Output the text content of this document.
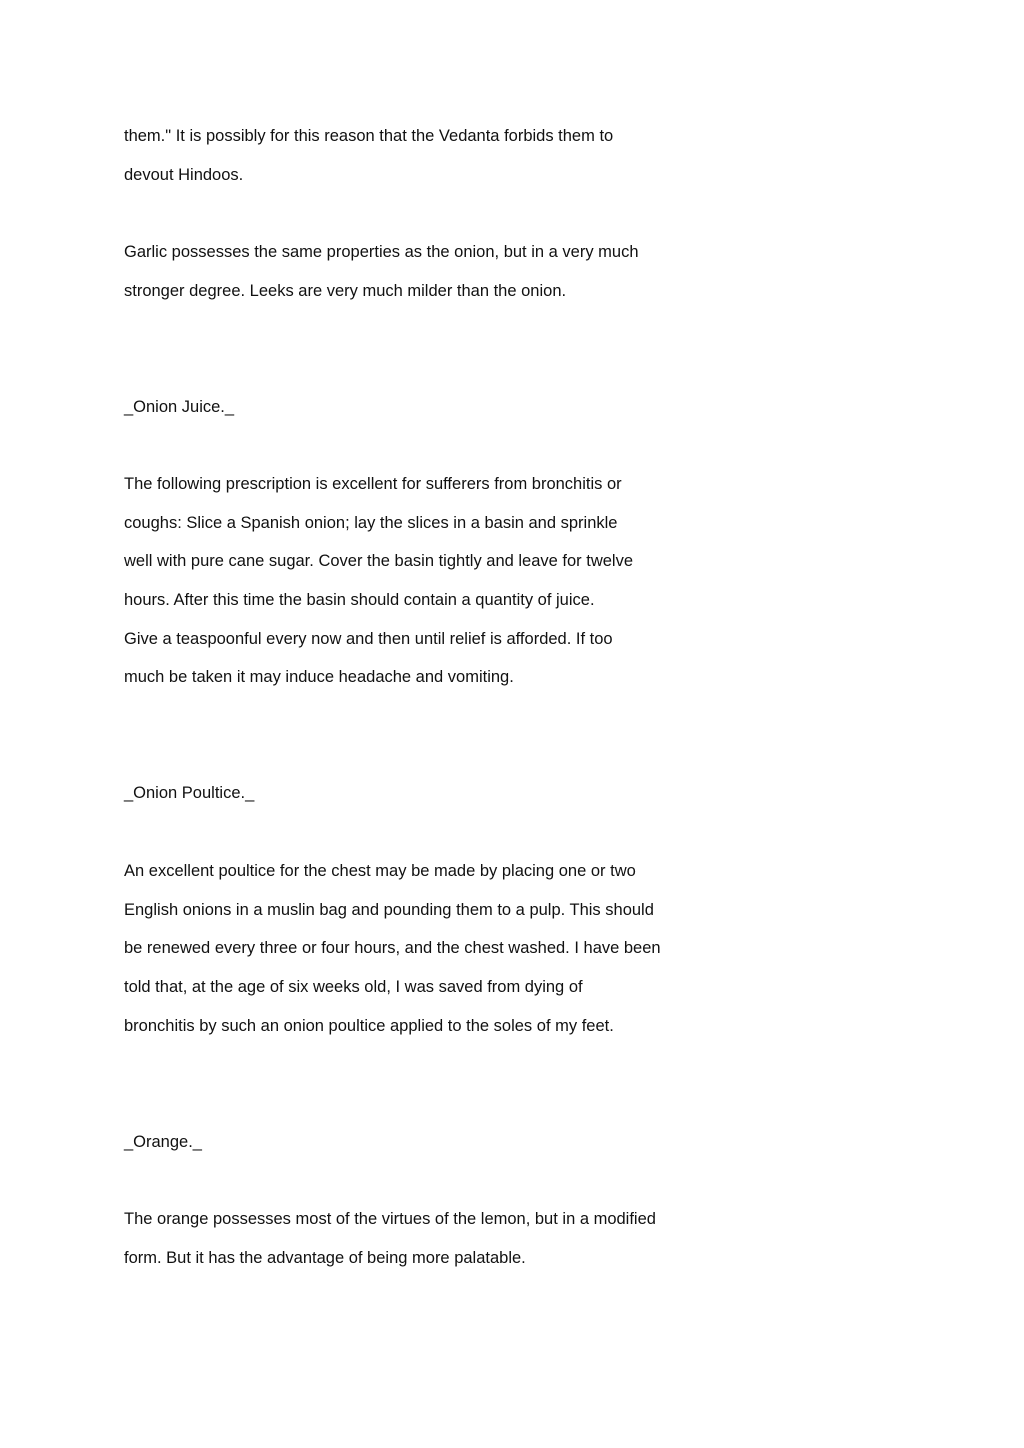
them." It is possibly for this reason that the Vedanta forbids them to
devout Hindoos.
Garlic possesses the same properties as the onion, but in a very much
stronger degree. Leeks are very much milder than the onion.
_Onion Juice._
The following prescription is excellent for sufferers from bronchitis or
coughs: Slice a Spanish onion; lay the slices in a basin and sprinkle
well with pure cane sugar. Cover the basin tightly and leave for twelve
hours. After this time the basin should contain a quantity of juice.
Give a teaspoonful every now and then until relief is afforded. If too
much be taken it may induce headache and vomiting.
_Onion Poultice._
An excellent poultice for the chest may be made by placing one or two
English onions in a muslin bag and pounding them to a pulp. This should
be renewed every three or four hours, and the chest washed. I have been
told that, at the age of six weeks old, I was saved from dying of
bronchitis by such an onion poultice applied to the soles of my feet.
_Orange._
The orange possesses most of the virtues of the lemon, but in a modified
form. But it has the advantage of being more palatable.
